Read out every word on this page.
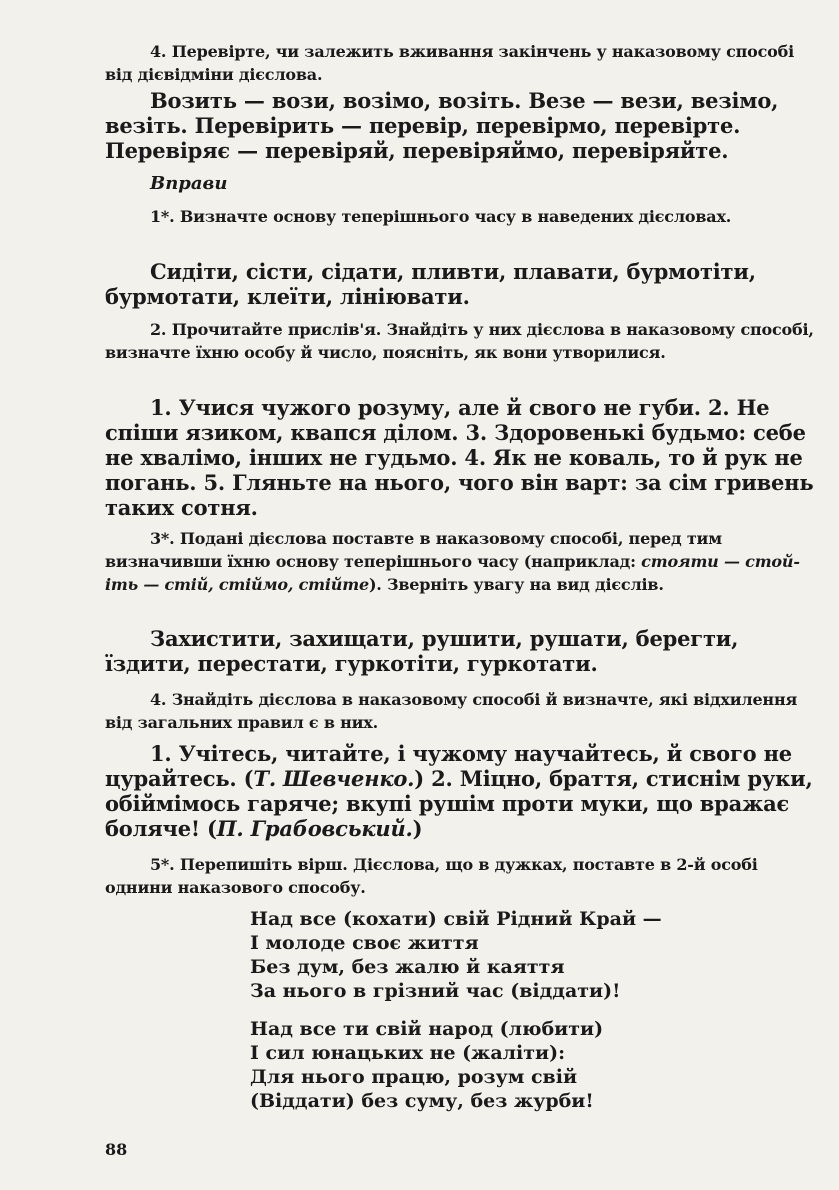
4. Перевірте, чи залежить вживання закінчень у наказовому способі від дієвідміни дієслова.

Возить — вози, возімо, возіть. Везе — вези, везімо, везіть. Перевірить — перевір, перевірмо, перевірте. Перевіряє — перевіряй, перевіряймо, перевіряйте.

Вправи

1*. Визначте основу теперішнього часу в наведених дієсловах.

Сидіти, сісти, сідати, пливти, плавати, бурмотіти, бурмотати, клеїти, лініювати.

2. Прочитайте прислів'я. Знайдіть у них дієслова в наказовому способі, визначте їхню особу й число, поясніть, як вони утворилися.

1. Учися чужого розуму, але й свого не губи. 2. Не спіши язиком, квапся ділом. 3. Здоровенькі будьмо: себе не хвалімо, інших не гудьмо. 4. Як не коваль, то й рук не погань. 5. Гляньте на нього, чого він варт: за сім гривень таких сотня.

3*. Подані дієслова поставте в наказовому способі, перед тим визначивши їхню основу теперішнього часу (наприклад: стояти — стой-іть — стій, стіймо, стійте). Зверніть увагу на вид дієслів.

Захистити, захищати, рушити, рушати, берегти, їздити, перестати, гуркотіти, гуркотати.

4. Знайдіть дієслова в наказовому способі й визначте, які відхилення від загальних правил є в них.

1. Учітесь, читайте, і чужому научайтесь, й свого не цурайтесь. (Т. Шевченко.) 2. Міцно, браття, стиснім руки, обіймімось гаряче; вкупі рушім проти муки, що вражає боляче! (П. Грабовський.)

5*. Перепишіть вірш. Дієслова, що в дужках, поставте в 2-й особі однини наказового способу.

Над все (кохати) свій Рідний Край —
І молоде своє життя
Без дум, без жалю й каяття
За нього в грізний час (віддати)!
Над все ти свій народ (любити)
І сил юнацьких не (жаліти):
Для нього працю, розум свій
(Віддати) без суму, без журби!
88
